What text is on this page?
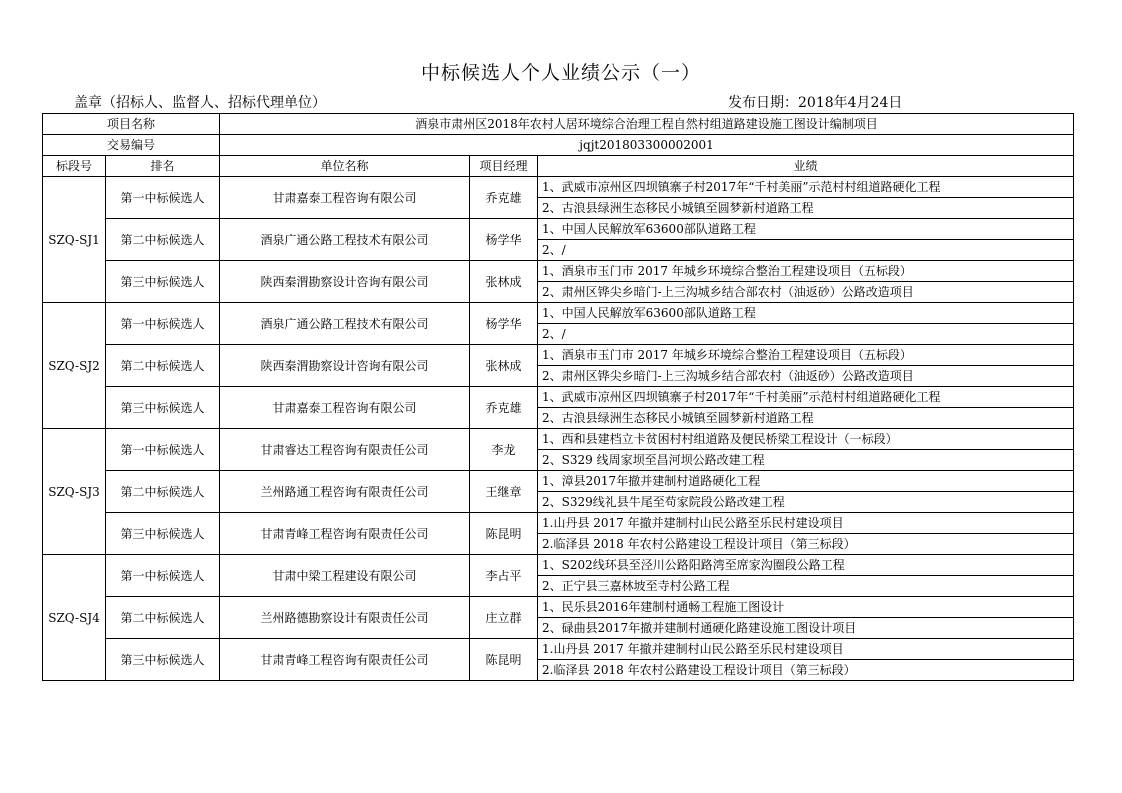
中标候选人个人业绩公示（一）
盖章（招标人、监督人、招标代理单位）	发布日期：2018年4月24日
项目名称		酒泉市肃州区2018年农村人居环境综合治理工程自然村组道路建设施工图设计编制项目		
交易编号		jqjt201803300002001		
标段号	排名	单位名称	项目经理	业绩
SZQ-SJ1	第一中标候选人	甘肃嘉泰工程咨询有限公司	乔克雄	1、武威市凉州区四坝镇寨子村2017年“千村美丽”示范村村组道路硬化工程
				2、古浪县绿洲生态移民小城镇至圆梦新村道路工程
	第二中标候选人	酒泉广通公路工程技术有限公司	杨学华	1、中国人民解放军63600部队道路工程
				2、/
	第三中标候选人	陕西秦渭勘察设计咨询有限公司	张林成	1、酒泉市玉门市 2017 年城乡环境综合整治工程建设项目（五标段）
				2、肃州区铧尖乡暗门-上三沟城乡结合部农村（油返砂）公路改造项目
SZQ-SJ2	第一中标候选人	酒泉广通公路工程技术有限公司	杨学华	1、中国人民解放军63600部队道路工程
				2、/
	第二中标候选人	陕西秦渭勘察设计咨询有限公司	张林成	1、酒泉市玉门市 2017 年城乡环境综合整治工程建设项目（五标段）
				2、肃州区铧尖乡暗门-上三沟城乡结合部农村（油返砂）公路改造项目
	第三中标候选人	甘肃嘉泰工程咨询有限公司	乔克雄	1、武威市凉州区四坝镇寨子村2017年“千村美丽”示范村村组道路硬化工程
				2、古浪县绿洲生态移民小城镇至圆梦新村道路工程
SZQ-SJ3	第一中标候选人	甘肃睿达工程咨询有限责任公司	李龙	1、西和县建档立卡贫困村村组道路及便民桥梁工程设计（一标段）
				2、S329 线周家坝至昌河坝公路改建工程
	第二中标候选人	兰州路通工程咨询有限责任公司	王继章	1、漳县2017年撤并建制村道路硬化工程
				2、S329线礼县牛尾至苟家院段公路改建工程
	第三中标候选人	甘肃青峰工程咨询有限责任公司	陈昆明	1.山丹县 2017 年撤并建制村山民公路至乐民村建设项目
				2.临泽县 2018 年农村公路建设工程设计项目（第三标段）
SZQ-SJ4	第一中标候选人	甘肃中梁工程建设有限公司	李占平	1、S202线环县至泾川公路阳路湾至席家沟圈段公路工程
				2、正宁县三嘉林坡至寺村公路工程
	第二中标候选人	兰州路德勘察设计有限责任公司	庄立群	1、民乐县2016年建制村通畅工程施工图设计
				2、碌曲县2017年撤并建制村通硬化路建设施工图设计项目
	第三中标候选人	甘肃青峰工程咨询有限责任公司	陈昆明	1.山丹县 2017 年撤并建制村山民公路至乐民村建设项目
				2.临泽县 2018 年农村公路建设工程设计项目（第三标段）
